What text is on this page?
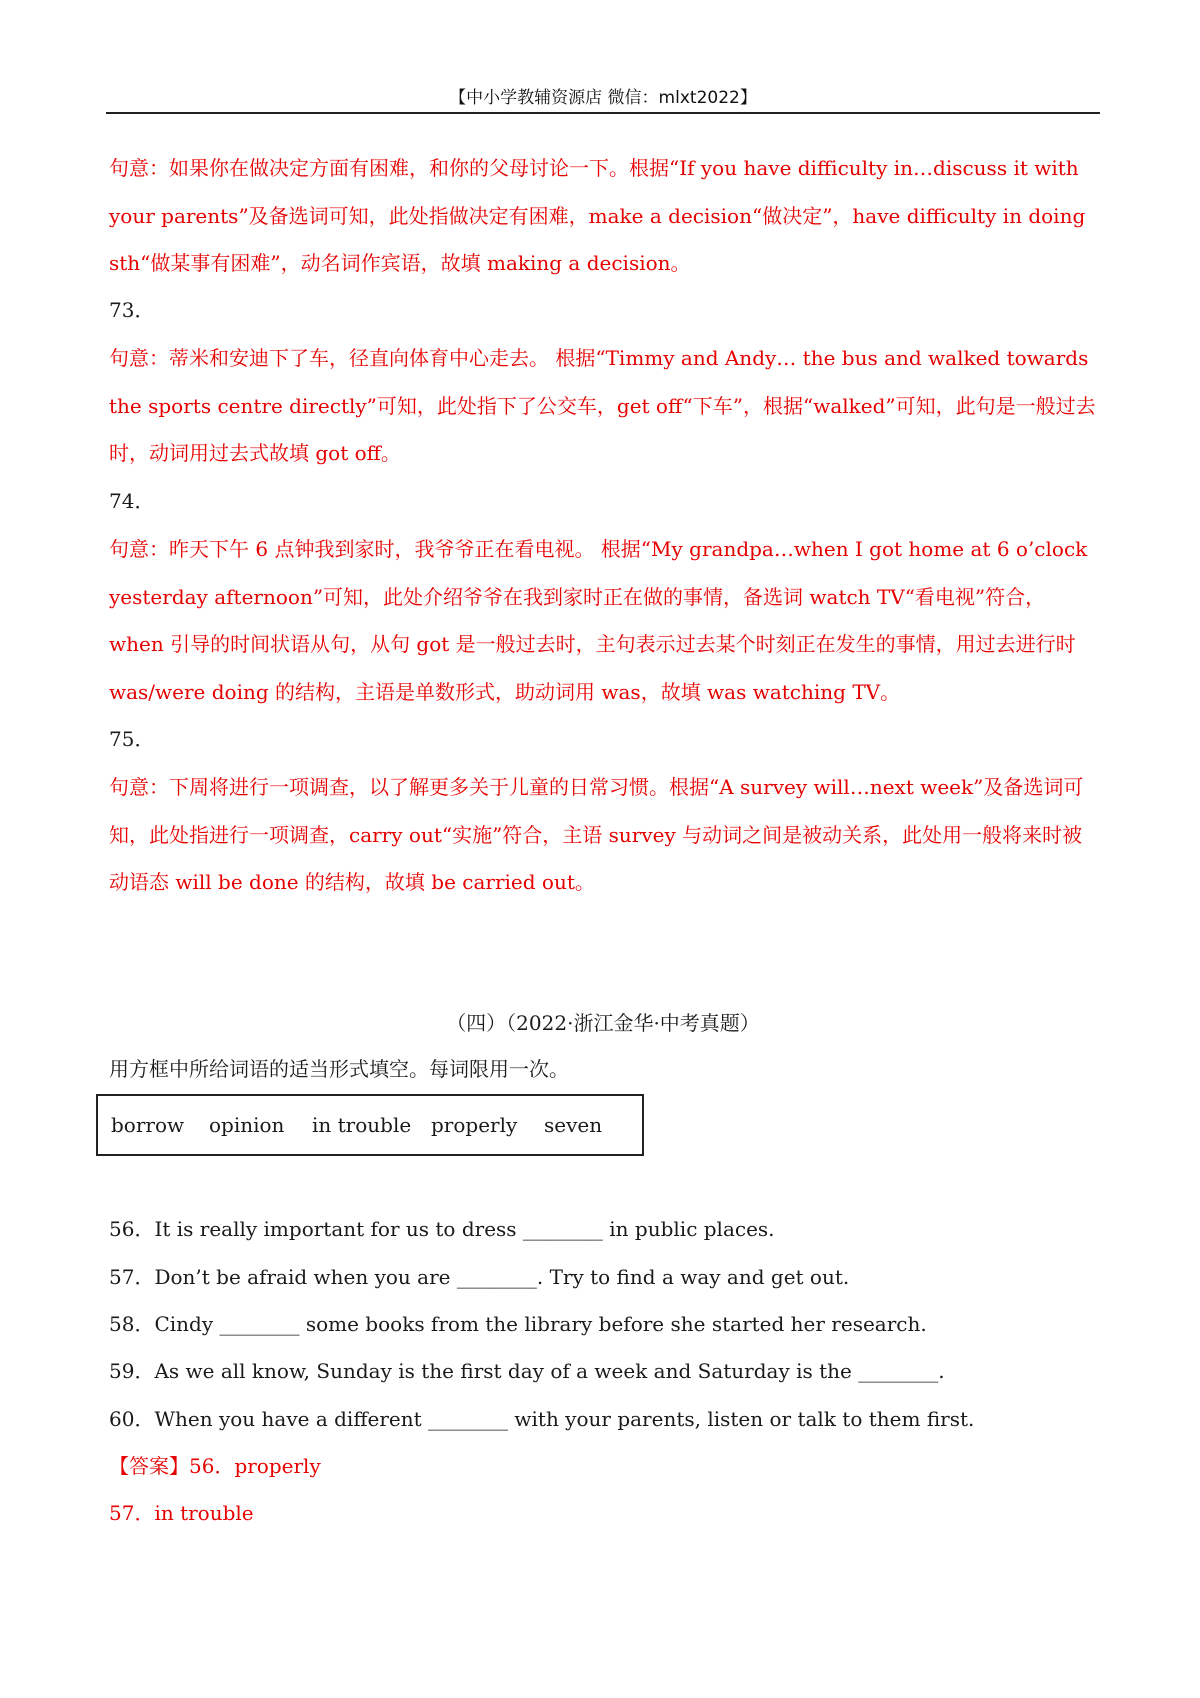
【中小学教辅资源店 微信：mlxt2022】

句意：如果你在做决定方面有困难，和你的父母讨论一下。根据“If you have difficulty in…discuss it with your parents”及备选词可知，此处指做决定有困难，make a decision“做决定”，have difficulty in doing sth“做某事有困难”，动名词作宾语，故填 making a decision。

73．

句意：蒂米和安迪下了车，径直向体育中心走去。 根据“Timmy and Andy… the bus and walked towards the sports centre directly”可知，此处指下了公交车，get off“下车”，根据“walked”可知，此句是一般过去时，动词用过去式故填 got off。

74．

句意：昨天下午 6 点钟我到家时，我爷爷正在看电视。 根据“My grandpa…when I got home at 6 o’clock yesterday afternoon”可知，此处介绍爷爷在我到家时正在做的事情，备选词 watch TV“看电视”符合，when 引导的时间状语从句，从句 got 是一般过去时，主句表示过去某个时刻正在发生的事情，用过去进行时 was/were doing 的结构，主语是单数形式，助动词用 was，故填 was watching TV。

75．

句意：下周将进行一项调查，以了解更多关于儿童的日常习惯。根据“A survey will…next week”及备选词可知，此处指进行一项调查，carry out“实施”符合，主语 survey 与动词之间是被动关系，此处用一般将来时被动语态 will be done 的结构，故填 be carried out。

（四）（2022·浙江金华·中考真题）

用方框中所给词语的适当形式填空。每词限用一次。

borrow opinion in trouble properly seven

56．It is really important for us to dress ________ in public places.

57．Don’t be afraid when you are ________. Try to find a way and get out.

58．Cindy ________ some books from the library before she started her research.

59．As we all know, Sunday is the first day of a week and Saturday is the ________.

60．When you have a different ________ with your parents, listen or talk to them first.

【答案】56．properly

57．in trouble
